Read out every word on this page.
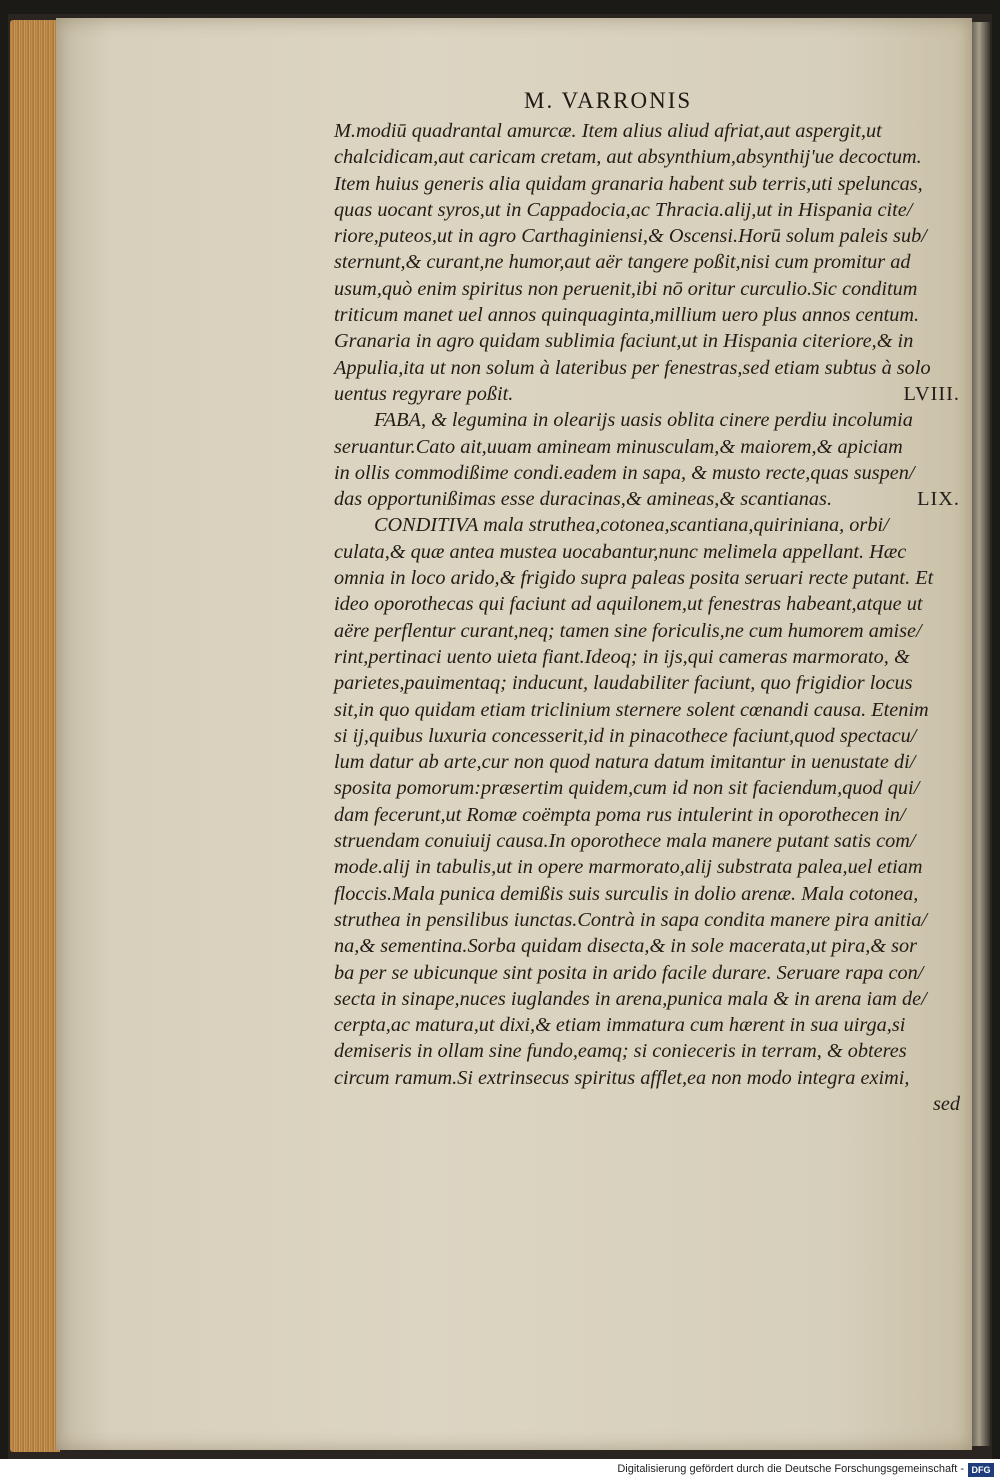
M. VARRONIS
M.modiū quadrantal amurcæ. Item alius aliud afriat,aut aspergit,ut
chalcidicam,aut caricam cretam, aut absynthium,absynthij'ue decoctum.
Item huius generis alia quidam granaria habent sub terris,uti speluncas,
quas uocant syros,ut in Cappadocia,ac Thracia.alij,ut in Hispania cite/
riore,puteos,ut in agro Carthaginiensi,& Oscensi.Horū solum paleis sub/
sternunt,& curant,ne humor,aut aër tangere poßit,nisi cum promitur ad
usum,quò enim spiritus non peruenit,ibi nō oritur curculio.Sic conditum
triticum manet uel annos quinquaginta,millium uero plus annos centum.
Granaria in agro quidam sublimia faciunt,ut in Hispania citeriore,& in
Appulia,ita ut non solum à lateribus per fenestras,sed etiam subtus à solo
uentus regyrare poßit.	LVIII.
FABA, & legumina in olearijs uasis oblita cinere perdiu incolumia
seruantur.Cato ait,uuam amineam minusculam,& maiorem,& apiciam
in ollis commodißime condi.eadem in sapa, & musto recte,quas suspen/
das opportunißimas esse duracinas,& amineas,& scantianas.	LIX.
CONDITIVA mala struthea,cotonea,scantiana,quiriniana, orbi/
culata,& quæ antea mustea uocabantur,nunc melimela appellant. Hæc
omnia in loco arido,& frigido supra paleas posita seruari recte putant. Et
ideo oporothecas qui faciunt ad aquilonem,ut fenestras habeant,atque ut
aëre perflentur curant,neq; tamen sine foriculis,ne cum humorem amise/
rint,pertinaci uento uieta fiant.Ideoq; in ijs,qui cameras marmorato, &
parietes,pauimentaq; inducunt, laudabiliter faciunt, quo frigidior locus
sit,in quo quidam etiam triclinium sternere solent cœnandi causa. Etenim
si ij,quibus luxuria concesserit,id in pinacothece faciunt,quod spectacu/
lum datur ab arte,cur non quod natura datum imitantur in uenustate di/
sposita pomorum:præsertim quidem,cum id non sit faciendum,quod qui/
dam fecerunt,ut Romæ coëmpta poma rus intulerint in oporothecen in/
struendam conuiuij causa.In oporothece mala manere putant satis com/
mode.alij in tabulis,ut in opere marmorato,alij substrata palea,uel etiam
floccis.Mala punica demißis suis surculis in dolio arenæ. Mala cotonea,
struthea in pensilibus iunctas.Contrà in sapa condita manere pira anitia/
na,& sementina.Sorba quidam disecta,& in sole macerata,ut pira,& sor
ba per se ubicunque sint posita in arido facile durare. Seruare rapa con/
secta in sinape,nuces iuglandes in arena,punica mala & in arena iam de/
cerpta,ac matura,ut dixi,& etiam immatura cum hærent in sua uirga,si
demiseris in ollam sine fundo,eamq; si conieceris in terram, & obteres
circum ramum.Si extrinsecus spiritus afflet,ea non modo integra eximi,
sed
Digitalisierung gefördert durch die Deutsche Forschungsgemeinschaft - DFG
